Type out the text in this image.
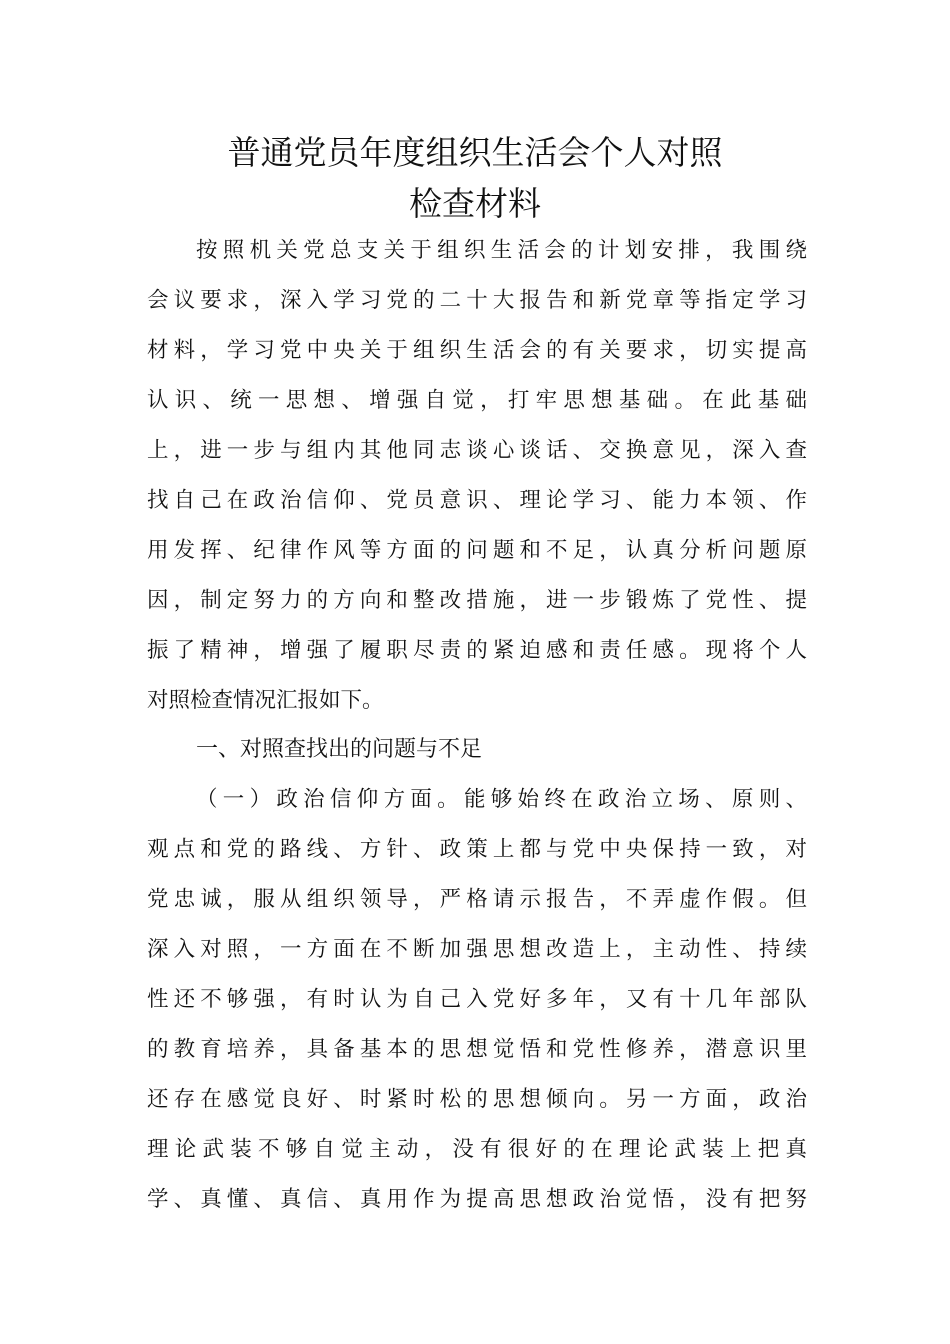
普通党员年度组织生活会个人对照
检查材料

按照机关党总支关于组织生活会的计划安排，我围绕

会议要求，深入学习党的二十大报告和新党章等指定学习

材料，学习党中央关于组织生活会的有关要求，切实提高

认识、统一思想、增强自觉，打牢思想基础。在此基础

上，进一步与组内其他同志谈心谈话、交换意见，深入查

找自己在政治信仰、党员意识、理论学习、能力本领、作

用发挥、纪律作风等方面的问题和不足，认真分析问题原

因，制定努力的方向和整改措施，进一步锻炼了党性、提

振了精神，增强了履职尽责的紧迫感和责任感。现将个人

对照检查情况汇报如下。

一、对照查找出的问题与不足

（一）政治信仰方面。能够始终在政治立场、原则、

观点和党的路线、方针、政策上都与党中央保持一致，对

党忠诚，服从组织领导，严格请示报告，不弄虚作假。但

深入对照，一方面在不断加强思想改造上，主动性、持续

性还不够强，有时认为自己入党好多年，又有十几年部队

的教育培养，具备基本的思想觉悟和党性修养，潜意识里

还存在感觉良好、时紧时松的思想倾向。另一方面，政治

理论武装不够自觉主动，没有很好的在理论武装上把真

学、真懂、真信、真用作为提高思想政治觉悟，没有把努
